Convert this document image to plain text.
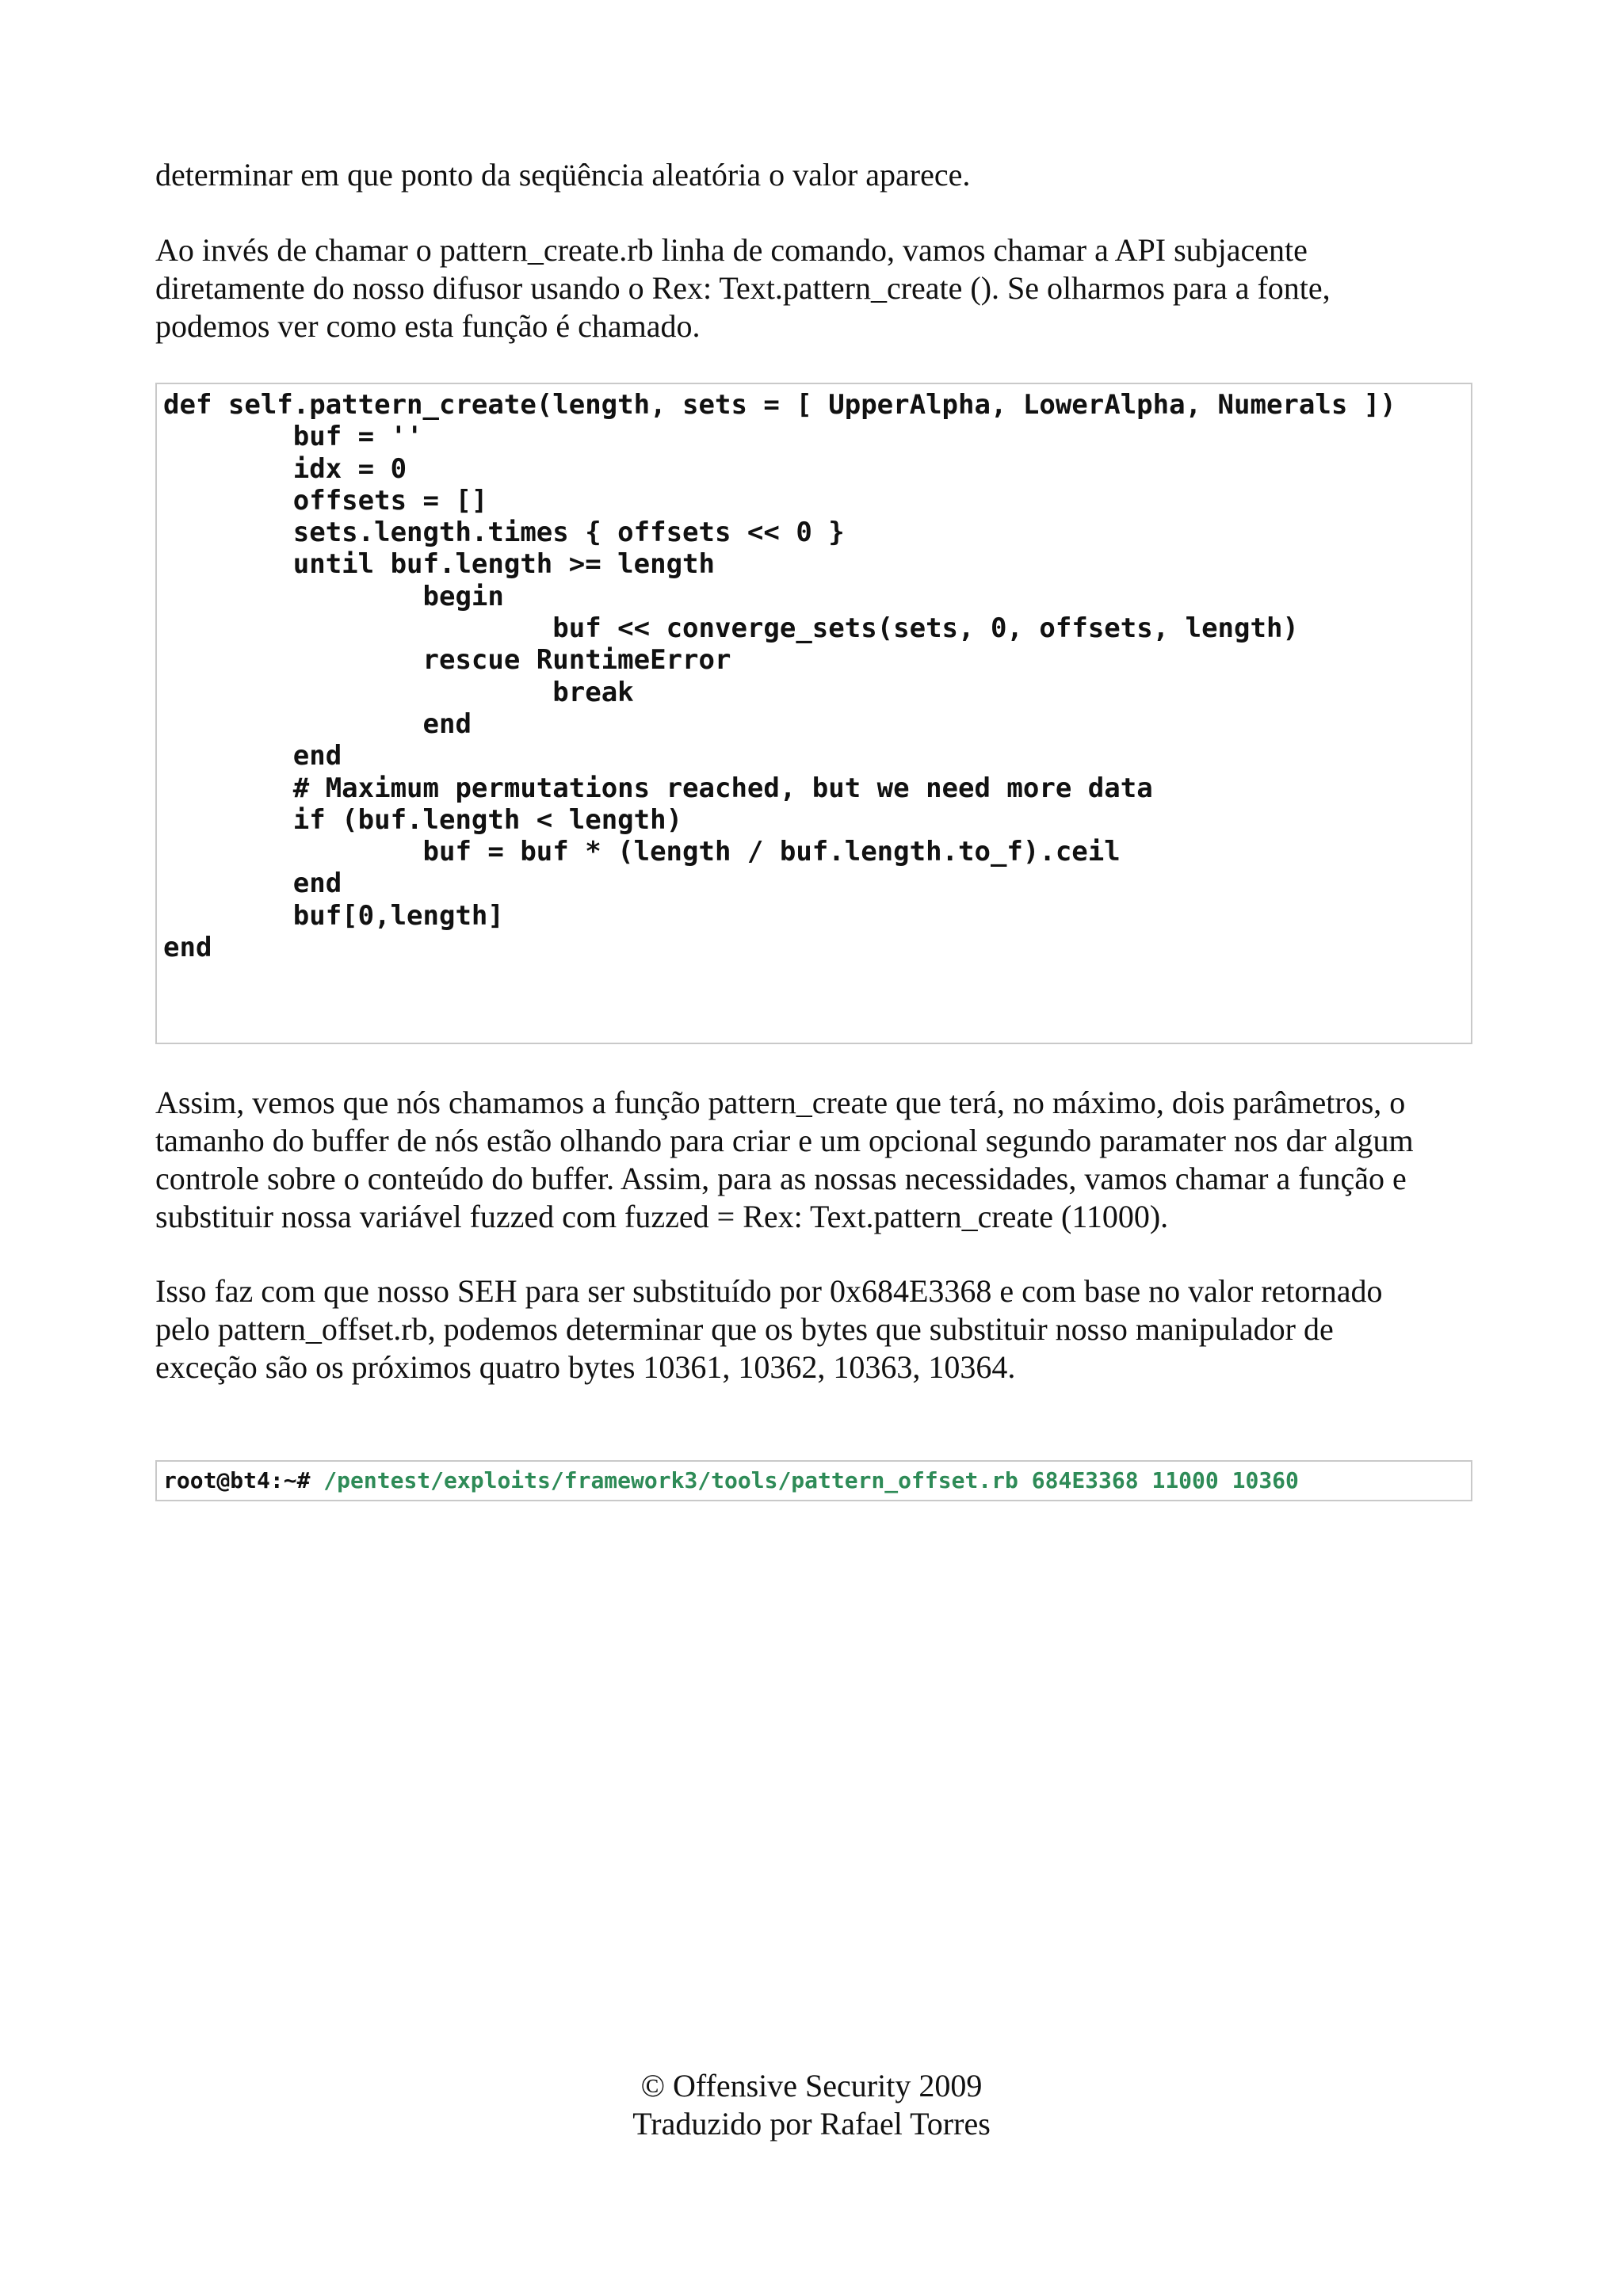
determinar em que ponto da seqüência aleatória o valor aparece.

Ao invés de chamar o pattern_create.rb linha de comando, vamos chamar a API subjacente
diretamente do nosso difusor usando o Rex: Text.pattern_create (). Se olharmos para a fonte,
podemos ver como esta função é chamado.

def self.pattern_create(length, sets = [ UpperAlpha, LowerAlpha, Numerals ])
	buf = ''
	idx = 0
	offsets = []
	sets.length.times { offsets << 0 }
	until buf.length >= length
		begin
			buf << converge_sets(sets, 0, offsets, length)
		rescue RuntimeError
			break
		end
	end
	# Maximum permutations reached, but we need more data
	if (buf.length < length)
		buf = buf * (length / buf.length.to_f).ceil
	end
	buf[0,length]
end

Assim, vemos que nós chamamos a função pattern_create que terá, no máximo, dois parâmetros, o
tamanho do buffer de nós estão olhando para criar e um opcional segundo paramater nos dar algum
controle sobre o conteúdo do buffer. Assim, para as nossas necessidades, vamos chamar a função e
substituir nossa variável fuzzed com fuzzed = Rex: Text.pattern_create (11000).

Isso faz com que nosso SEH para ser substituído por 0x684E3368 e com base no valor retornado
pelo pattern_offset.rb, podemos determinar que os bytes que substituir nosso manipulador de
exceção são os próximos quatro bytes 10361, 10362, 10363, 10364.

root@bt4:~# /pentest/exploits/framework3/tools/pattern_offset.rb 684E3368 11000 10360
© Offensive Security 2009
Traduzido por Rafael Torres
